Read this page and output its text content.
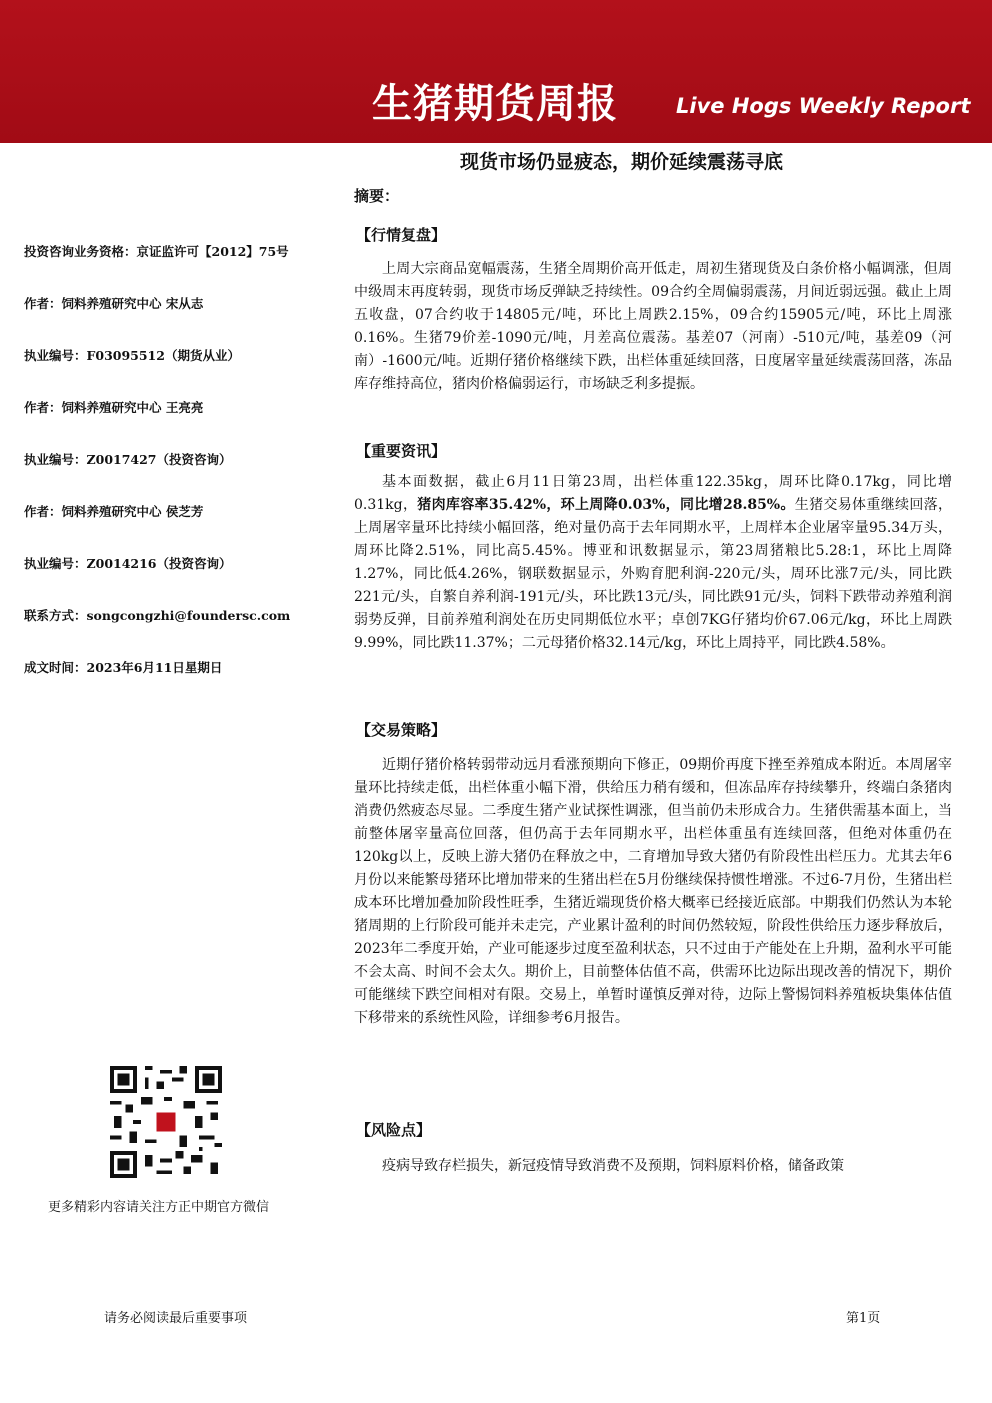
生猪期货周报	Live Hogs Weekly Report
现货市场仍显疲态，期价延续震荡寻底
投资咨询业务资格：京证监许可【2012】75号
作者：饲料养殖研究中心 宋从志
执业编号：F03095512（期货从业）
作者：饲料养殖研究中心 王亮亮
执业编号：Z0017427（投资咨询）
作者：饲料养殖研究中心 侯芝芳
执业编号：Z0014216（投资咨询）
联系方式：songcongzhi@foundersc.com
成文时间：2023年6月11日星期日
更多精彩内容请关注方正中期官方微信
摘要：
【行情复盘】

上周大宗商品宽幅震荡，生猪全周期价高开低走，周初生猪现货及白条价格小幅调涨，但周中级周末再度转弱，现货市场反弹缺乏持续性。09合约全周偏弱震荡，月间近弱远强。截止上周五收盘，07合约收于14805元/吨，环比上周跌2.15%，09合约15905元/吨，环比上周涨0.16%。生猪79价差-1090元/吨，月差高位震荡。基差07（河南）-510元/吨，基差09（河南）-1600元/吨。近期仔猪价格继续下跌，出栏体重延续回落，日度屠宰量延续震荡回落，冻品库存维持高位，猪肉价格偏弱运行，市场缺乏利多提振。

【重要资讯】

基本面数据，截止6月11日第23周，出栏体重122.35kg，周环比降0.17kg，同比增0.31kg，猪肉库容率35.42%，环上周降0.03%，同比增28.85%。生猪交易体重继续回落，上周屠宰量环比持续小幅回落，绝对量仍高于去年同期水平，上周样本企业屠宰量95.34万头，周环比降2.51%，同比高5.45%。博亚和讯数据显示，第23周猪粮比5.28:1，环比上周降1.27%，同比低4.26%，钢联数据显示，外购育肥利润-220元/头，周环比涨7元/头，同比跌221元/头，自繁自养利润-191元/头，环比跌13元/头，同比跌91元/头，饲料下跌带动养殖利润弱势反弹，目前养殖利润处在历史同期低位水平；卓创7KG仔猪均价67.06元/kg，环比上周跌9.99%，同比跌11.37%；二元母猪价格32.14元/kg，环比上周持平，同比跌4.58%。

【交易策略】

近期仔猪价格转弱带动远月看涨预期向下修正，09期价再度下挫至养殖成本附近。本周屠宰量环比持续走低，出栏体重小幅下滑，供给压力稍有缓和，但冻品库存持续攀升，终端白条猪肉消费仍然疲态尽显。二季度生猪产业试探性调涨，但当前仍未形成合力。生猪供需基本面上，当前整体屠宰量高位回落，但仍高于去年同期水平，出栏体重虽有连续回落，但绝对体重仍在120kg以上，反映上游大猪仍在释放之中，二育增加导致大猪仍有阶段性出栏压力。尤其去年6月份以来能繁母猪环比增加带来的生猪出栏在5月份继续保持惯性增涨。不过6-7月份，生猪出栏成本环比增加叠加阶段性旺季，生猪近端现货价格大概率已经接近底部。中期我们仍然认为本轮猪周期的上行阶段可能并未走完，产业累计盈利的时间仍然较短，阶段性供给压力逐步释放后，2023年二季度开始，产业可能逐步过度至盈利状态，只不过由于产能处在上升期，盈利水平可能不会太高、时间不会太久。期价上，目前整体估值不高，供需环比边际出现改善的情况下，期价可能继续下跌空间相对有限。交易上，单暂时谨慎反弹对待，边际上警惕饲料养殖板块集体估值下移带来的系统性风险，详细参考6月报告。

【风险点】

疫病导致存栏损失，新冠疫情导致消费不及预期，饲料原料价格，储备政策

请务必阅读最后重要事项	第1页
